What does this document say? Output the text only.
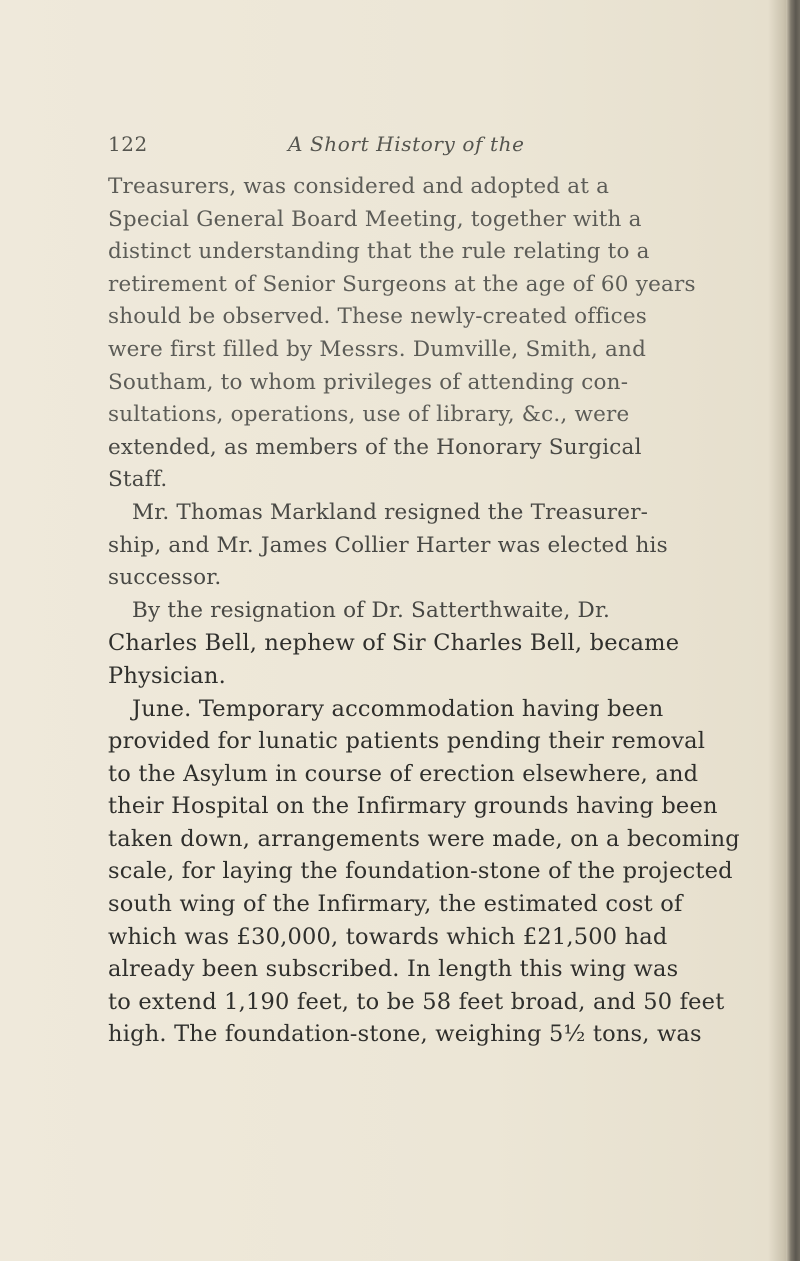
122	A Short History of the
Treasurers, was considered and adopted at a
Special General Board Meeting, together with a
distinct understanding that the rule relating to a
retirement of Senior Surgeons at the age of 60 years
should be observed. These newly-created offices
were first filled by Messrs. Dumville, Smith, and
Southam, to whom privileges of attending con-
sultations, operations, use of library, &c., were
extended, as members of the Honorary Surgical
Staff.
Mr. Thomas Markland resigned the Treasurer-
ship, and Mr. James Collier Harter was elected his
successor.
By the resignation of Dr. Satterthwaite, Dr.
Charles Bell, nephew of Sir Charles Bell, became
Physician.
June. Temporary accommodation having been
provided for lunatic patients pending their removal
to the Asylum in course of erection elsewhere, and
their Hospital on the Infirmary grounds having been
taken down, arrangements were made, on a becoming
scale, for laying the foundation-stone of the projected
south wing of the Infirmary, the estimated cost of
which was £30,000, towards which £21,500 had
already been subscribed. In length this wing was
to extend 1,190 feet, to be 58 feet broad, and 50 feet
high. The foundation-stone, weighing 5½ tons, was
